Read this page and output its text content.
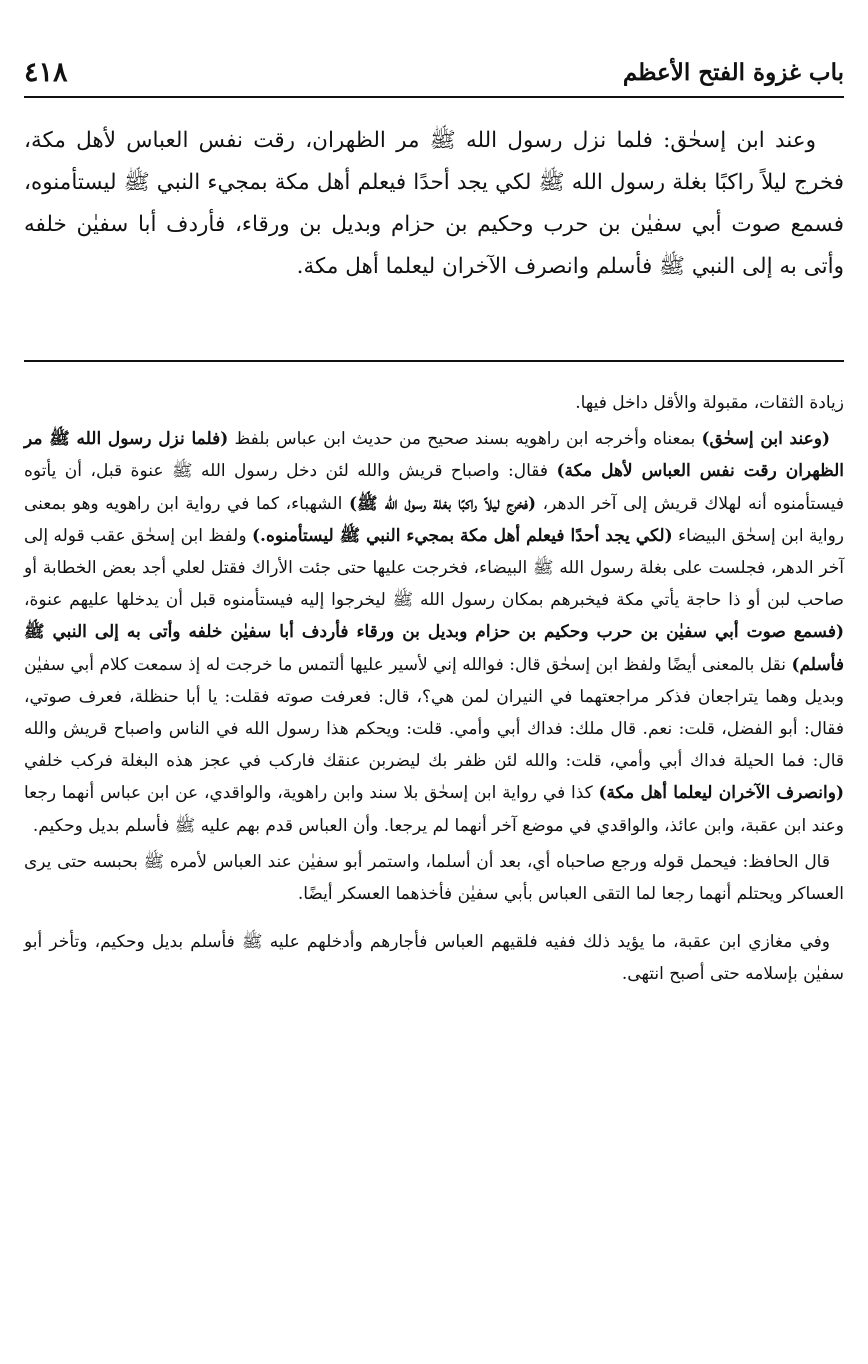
باب غزوة الفتح الأعظم
٤١٨

وعند ابن إسحٰق: فلما نزل رسول الله ﷺ مر الظهران، رقت نفس العباس لأهل مكة، فخرج ليلاً راكبًا بغلة رسول الله ﷺ لكي يجد أحدًا فيعلم أهل مكة بمجيء النبي ﷺ ليستأمنوه، فسمع صوت أبي سفيٰن بن حرب وحكيم بن حزام وبديل بن ورقاء، فأردف أبا سفيٰن خلفه وأتى به إلى النبي ﷺ فأسلم وانصرف الآخران ليعلما أهل مكة.

زيادة الثقات، مقبولة والأقل داخل فيها.

(وعند ابن إسحٰق) بمعناه وأخرجه ابن راهويه بسند صحيح من حديث ابن عباس بلفظ (فلما نزل رسول الله ﷺ مر الظهران رقت نفس العباس لأهل مكة) فقال: واصباح قريش والله لئن دخل رسول الله ﷺ عنوة قبل، أن يأتوه فيستأمنوه أنه لهلاك قريش إلى آخر الدهر، (فخرج ليلاً راكبًا بغلة رسول الله ﷺ) الشهباء، كما في رواية ابن راهويه وهو بمعنى رواية ابن إسحٰق البيضاء (لكي يجد أحدًا فيعلم أهل مكة بمجيء النبي ﷺ ليستأمنوه.) ولفظ ابن إسحٰق عقب قوله إلى آخر الدهر، فجلست على بغلة رسول الله ﷺ البيضاء، فخرجت عليها حتى جئت الأراك فقتل لعلي أجد بعض الخطابة أو صاحب لبن أو ذا حاجة يأتي مكة فيخبرهم بمكان رسول الله ﷺ ليخرجوا إليه فيستأمنوه قبل أن يدخلها عليهم عنوة، (فسمع صوت أبي سفيٰن بن حرب وحكيم بن حزام وبديل بن ورقاء فأردف أبا سفيٰن خلفه وأتى به إلى النبي ﷺ فأسلم) نقل بالمعنى أيضًا ولفظ ابن إسحٰق قال: فوالله إني لأسير عليها ألتمس ما خرجت له إذ سمعت كلام أبي سفيٰن وبديل وهما يتراجعان فذكر مراجعتهما في النيران لمن هي؟، قال: فعرفت صوته فقلت: يا أبا حنظلة، فعرف صوتي، فقال: أبو الفضل، قلت: نعم. قال ملك: فداك أبي وأمي. قلت: ويحكم هذا رسول الله في الناس واصباح قريش والله قال: فما الحيلة فداك أبي وأمي، قلت: والله لئن ظفر بك ليضربن عنقك فاركب في عجز هذه البغلة فركب خلفي (وانصرف الآخران ليعلما أهل مكة) كذا في رواية ابن إسحٰق بلا سند وابن راهوية، والواقدي، عن ابن عباس أنهما رجعا وعند ابن عقبة، وابن عائذ، والواقدي في موضع آخر أنهما لم يرجعا. وأن العباس قدم بهم عليه ﷺ فأسلم بديل وحكيم.

قال الحافظ: فيحمل قوله ورجع صاحباه أي، بعد أن أسلما، واستمر أبو سفيٰن عند العباس لأمره ﷺ بحبسه حتى يرى العساكر ويحتلم أنهما رجعا لما التقى العباس بأبي سفيٰن فأخذهما العسكر أيضًا.

وفي مغازي ابن عقبة، ما يؤيد ذلك ففيه فلقيهم العباس فأجارهم وأدخلهم عليه ﷺ فأسلم بديل وحكيم، وتأخر أبو سفيٰن بإسلامه حتى أصبح انتهى.
